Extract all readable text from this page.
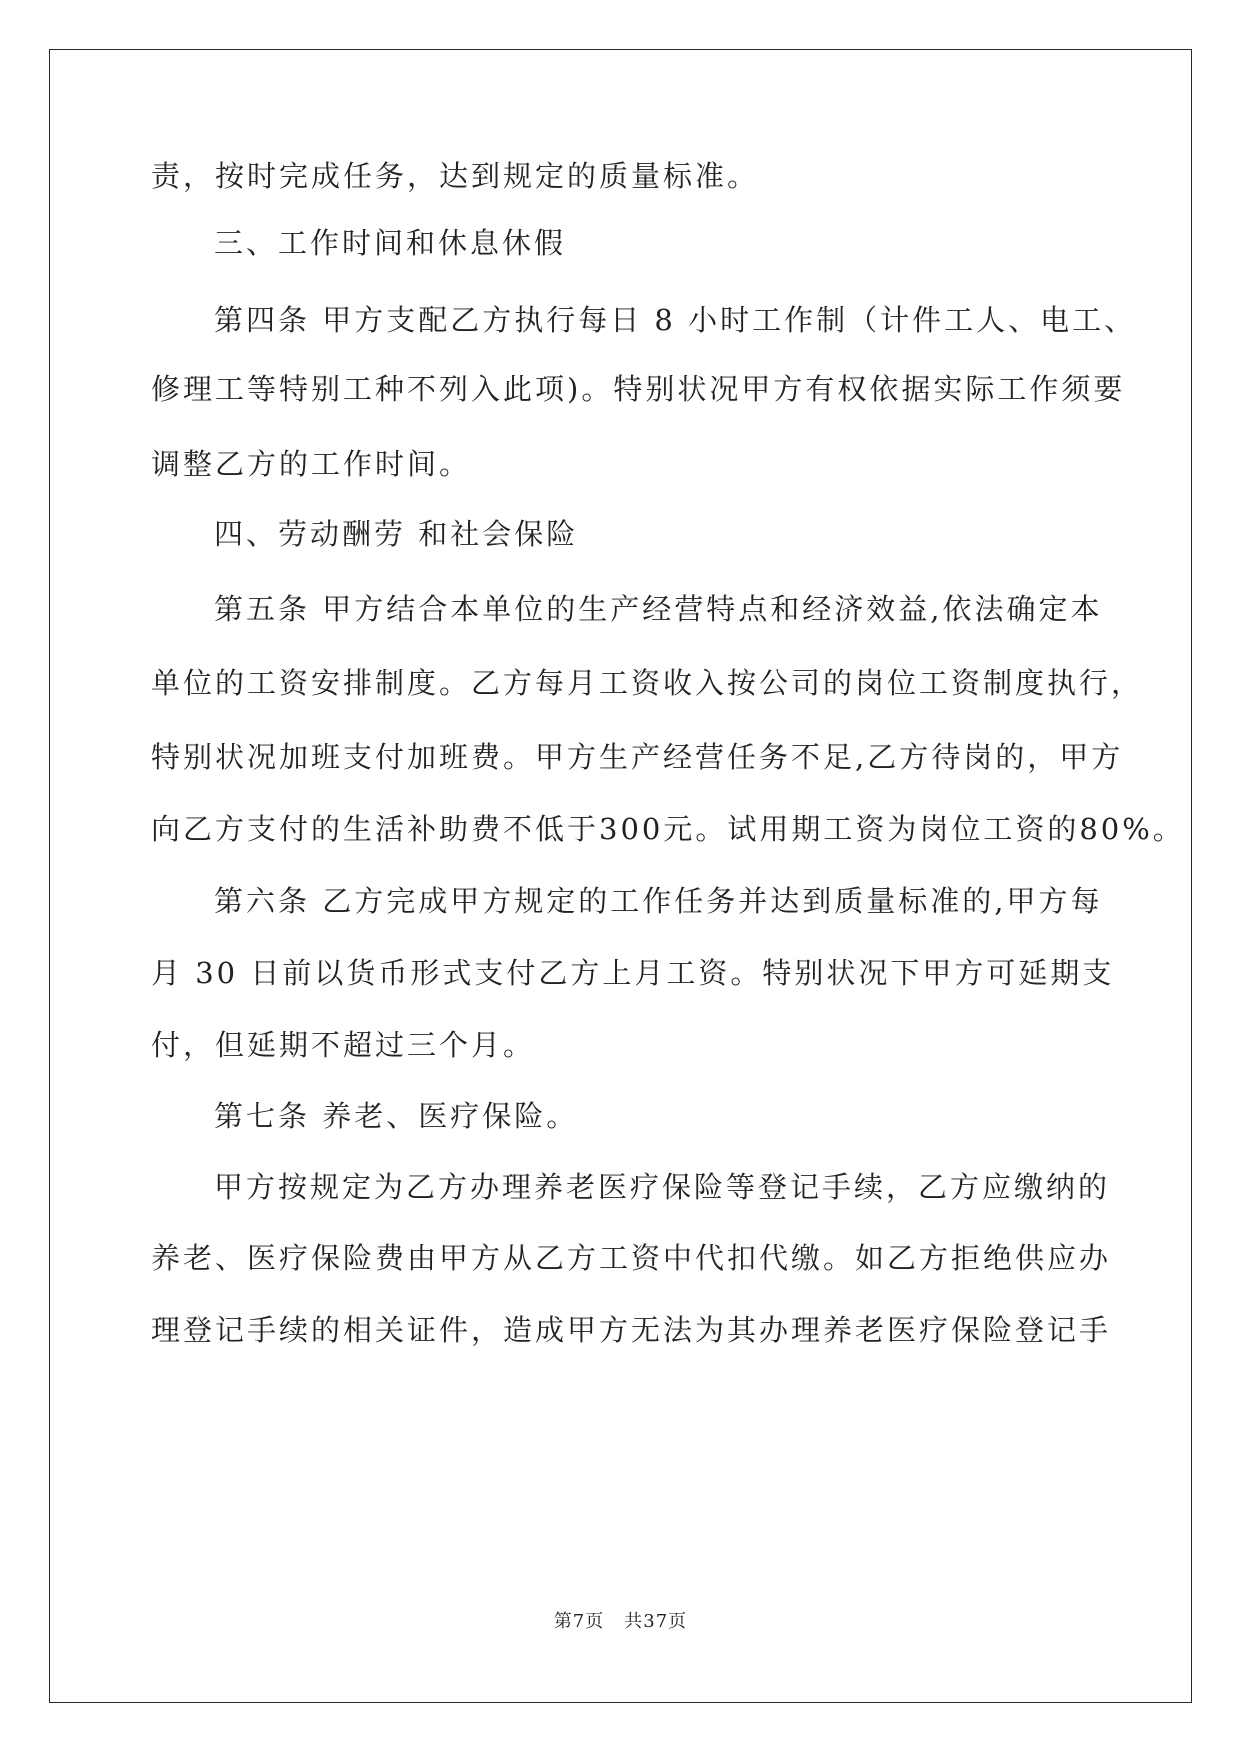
责，按时完成任务，达到规定的质量标准。
三、工作时间和休息休假
第四条 甲方支配乙方执行每日 8 小时工作制（计件工人、电工、
修理工等特别工种不列入此项)。特别状况甲方有权依据实际工作须要
调整乙方的工作时间。
四、劳动酬劳 和社会保险
第五条 甲方结合本单位的生产经营特点和经济效益,依法确定本
单位的工资安排制度。乙方每月工资收入按公司的岗位工资制度执行，
特别状况加班支付加班费。甲方生产经营任务不足,乙方待岗的，甲方
向乙方支付的生活补助费不低于300元。试用期工资为岗位工资的80%。
第六条 乙方完成甲方规定的工作任务并达到质量标准的,甲方每
月 30 日前以货币形式支付乙方上月工资。特别状况下甲方可延期支
付，但延期不超过三个月。
第七条 养老、医疗保险。
甲方按规定为乙方办理养老医疗保险等登记手续，乙方应缴纳的
养老、医疗保险费由甲方从乙方工资中代扣代缴。如乙方拒绝供应办
理登记手续的相关证件，造成甲方无法为其办理养老医疗保险登记手
第7页 共37页
